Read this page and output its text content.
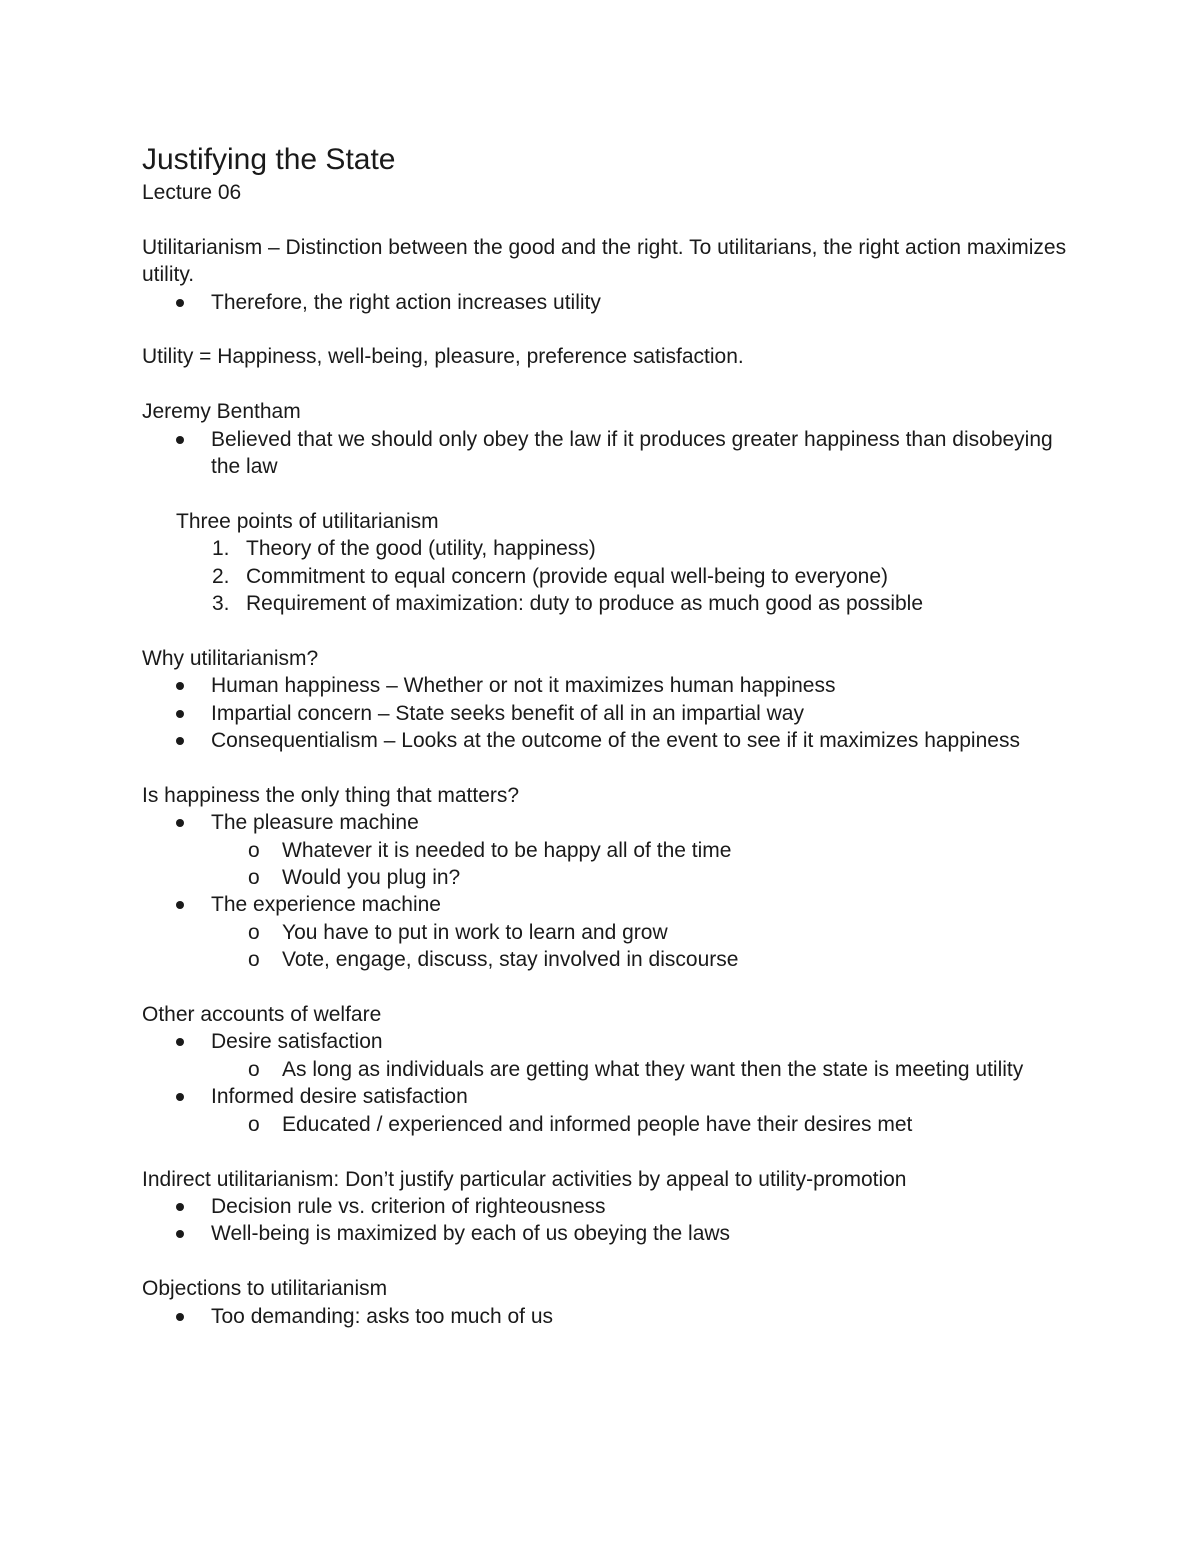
Justifying the State

Lecture 06

Utilitarianism – Distinction between the good and the right. To utilitarians, the right action maximizes utility.

Therefore, the right action increases utility

Utility = Happiness, well-being, pleasure, preference satisfaction.

Jeremy Bentham

Believed that we should only obey the law if it produces greater happiness than disobeying the law

Three points of utilitarianism

1. Theory of the good (utility, happiness)
2. Commitment to equal concern (provide equal well-being to everyone)
3. Requirement of maximization: duty to produce as much good as possible

Why utilitarianism?

Human happiness – Whether or not it maximizes human happiness
Impartial concern – State seeks benefit of all in an impartial way
Consequentialism – Looks at the outcome of the event to see if it maximizes happiness

Is happiness the only thing that matters?

The pleasure machine
o Whatever it is needed to be happy all of the time
o Would you plug in?
The experience machine
o You have to put in work to learn and grow
o Vote, engage, discuss, stay involved in discourse

Other accounts of welfare

Desire satisfaction
o As long as individuals are getting what they want then the state is meeting utility
Informed desire satisfaction
o Educated / experienced and informed people have their desires met

Indirect utilitarianism: Don’t justify particular activities by appeal to utility-promotion

Decision rule vs. criterion of righteousness
Well-being is maximized by each of us obeying the laws

Objections to utilitarianism

Too demanding: asks too much of us
